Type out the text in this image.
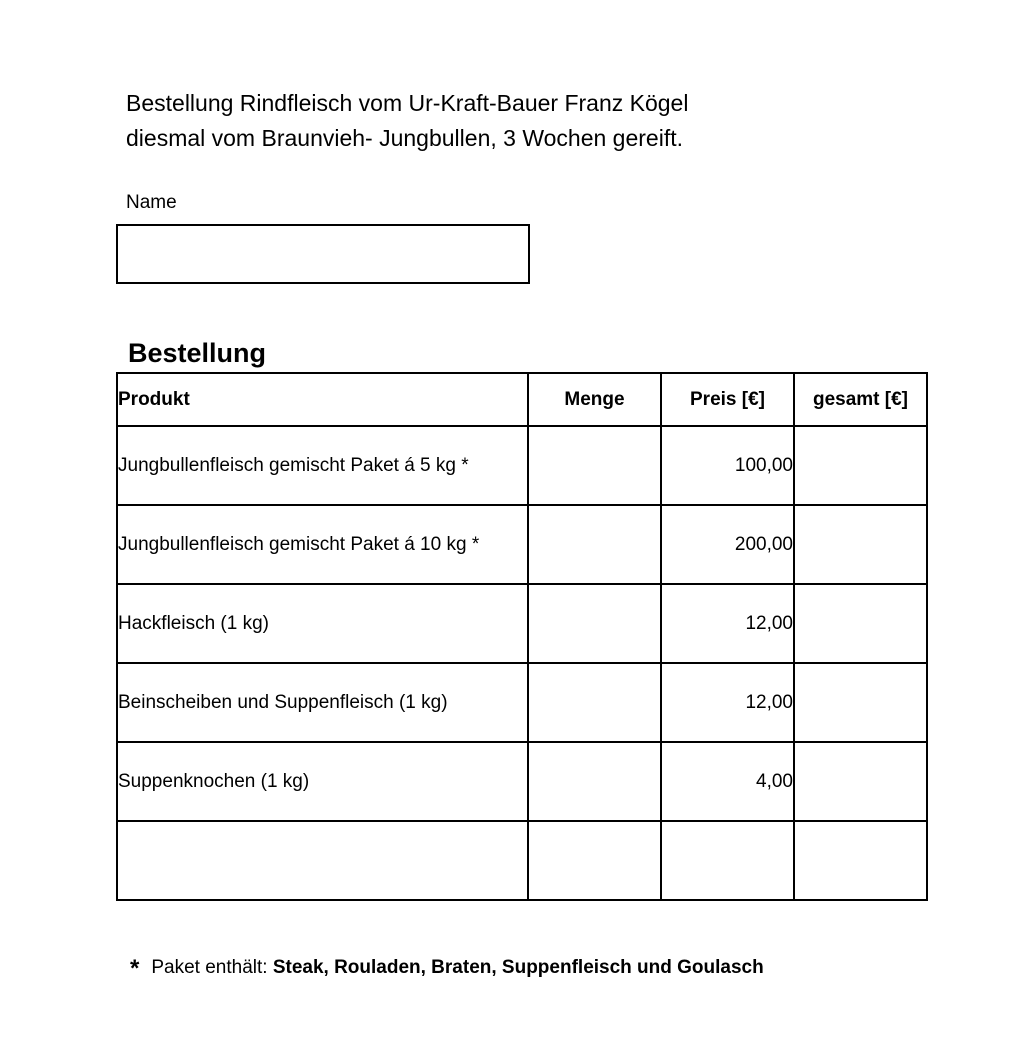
Bestellung Rindfleisch vom Ur-Kraft-Bauer Franz Kögel
diesmal vom Braunvieh- Jungbullen, 3 Wochen gereift.
Name
Bestellung
Produkt	Menge	Preis [€]	gesamt [€]
Jungbullenfleisch gemischt Paket á 5 kg *		100,00	
Jungbullenfleisch gemischt Paket á 10 kg *		200,00	
Hackfleisch (1 kg)		12,00	
Beinscheiben und Suppenfleisch (1 kg)		12,00	
Suppenknochen (1 kg)		4,00	

* Paket enthält: Steak, Rouladen, Braten, Suppenfleisch und Goulasch
